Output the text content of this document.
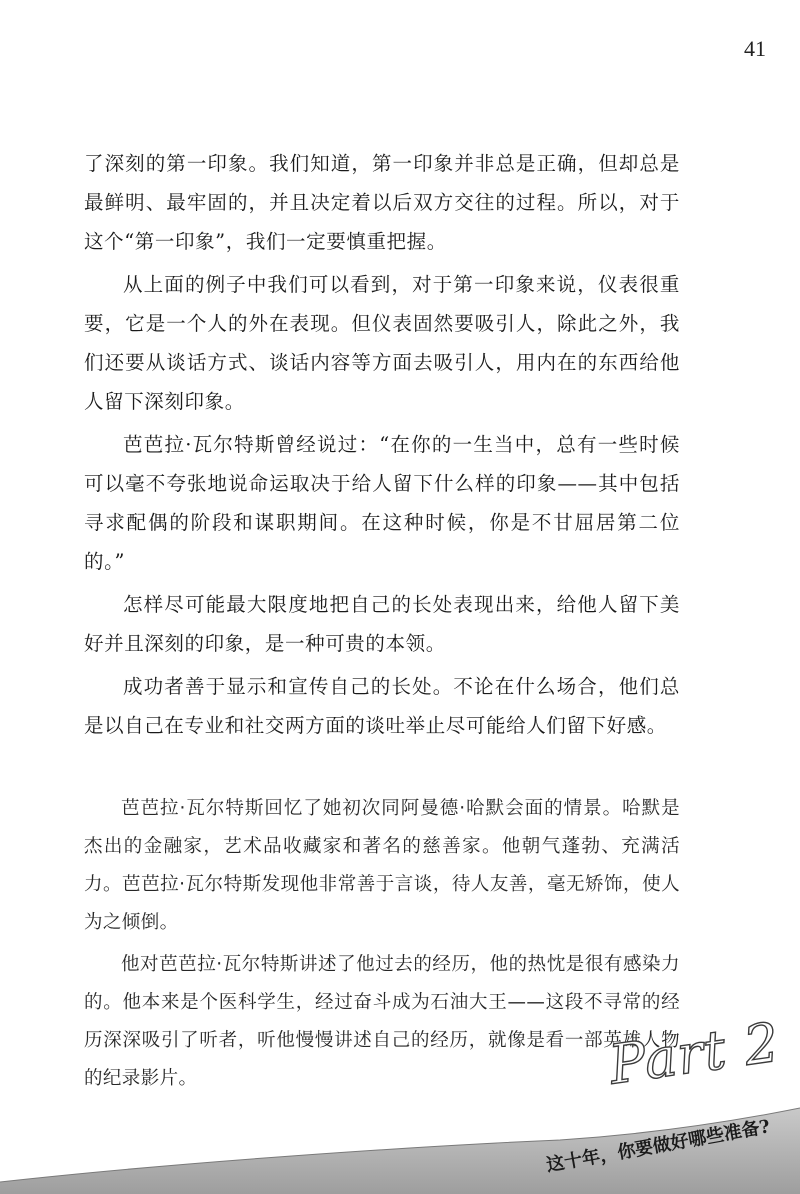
41

了深刻的第一印象。我们知道，第一印象并非总是正确，但却总是最鲜明、最牢固的，并且决定着以后双方交往的过程。所以，对于这个“第一印象”，我们一定要慎重把握。

从上面的例子中我们可以看到，对于第一印象来说，仪表很重要，它是一个人的外在表现。但仪表固然要吸引人，除此之外，我们还要从谈话方式、谈话内容等方面去吸引人，用内在的东西给他人留下深刻印象。

芭芭拉·瓦尔特斯曾经说过：“在你的一生当中，总有一些时候可以毫不夸张地说命运取决于给人留下什么样的印象——其中包括寻求配偶的阶段和谋职期间。在这种时候，你是不甘屈居第二位的。”

怎样尽可能最大限度地把自己的长处表现出来，给他人留下美好并且深刻的印象，是一种可贵的本领。

成功者善于显示和宣传自己的长处。不论在什么场合，他们总是以自己在专业和社交两方面的谈吐举止尽可能给人们留下好感。

芭芭拉·瓦尔特斯回忆了她初次同阿曼德·哈默会面的情景。哈默是杰出的金融家，艺术品收藏家和著名的慈善家。他朝气蓬勃、充满活力。芭芭拉·瓦尔特斯发现他非常善于言谈，待人友善，毫无矫饰，使人为之倾倒。

他对芭芭拉·瓦尔特斯讲述了他过去的经历，他的热忱是很有感染力的。他本来是个医科学生，经过奋斗成为石油大王——这段不寻常的经历深深吸引了听者，听他慢慢讲述自己的经历，就像是看一部英雄人物的纪录影片。	Part 2
这十年，你要做好哪些准备?
